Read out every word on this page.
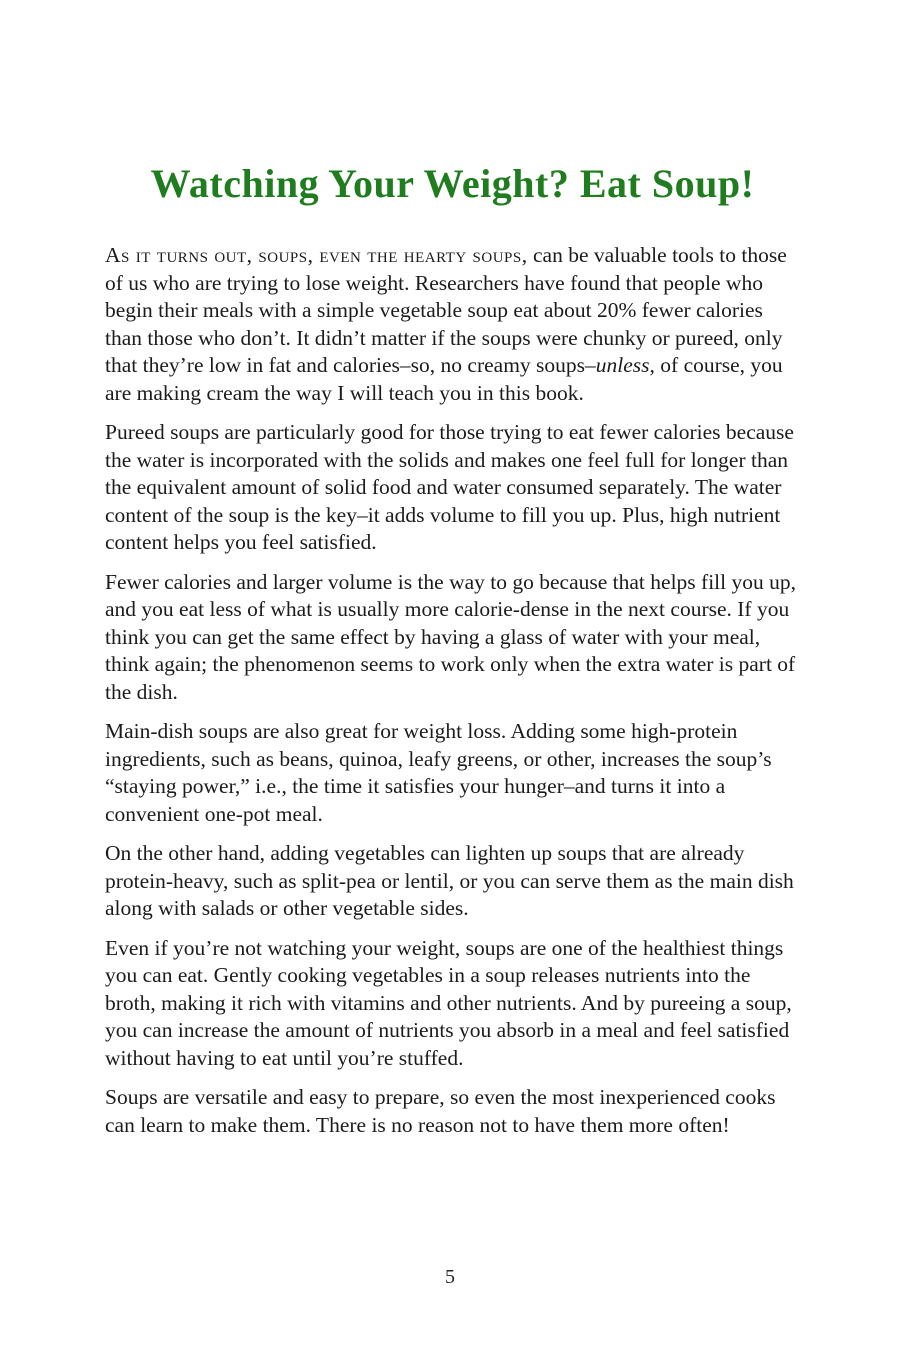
Watching Your Weight? Eat Soup!

As it turns out, soups, even the hearty soups, can be valuable tools to those of us who are trying to lose weight. Researchers have found that people who begin their meals with a simple vegetable soup eat about 20% fewer calories than those who don’t. It didn’t matter if the soups were chunky or pureed, only that they’re low in fat and calories–so, no creamy soups–unless, of course, you are making cream the way I will teach you in this book.

Pureed soups are particularly good for those trying to eat fewer calories because the water is incorporated with the solids and makes one feel full for longer than the equivalent amount of solid food and water consumed separately. The water content of the soup is the key–it adds volume to fill you up. Plus, high nutrient content helps you feel satisfied.

Fewer calories and larger volume is the way to go because that helps fill you up, and you eat less of what is usually more calorie-dense in the next course. If you think you can get the same effect by having a glass of water with your meal, think again; the phenomenon seems to work only when the extra water is part of the dish.

Main-dish soups are also great for weight loss. Adding some high-protein ingredients, such as beans, quinoa, leafy greens, or other, increases the soup’s “staying power,” i.e., the time it satisfies your hunger–and turns it into a convenient one-pot meal.

On the other hand, adding vegetables can lighten up soups that are already protein-heavy, such as split-pea or lentil, or you can serve them as the main dish along with salads or other vegetable sides.

Even if you’re not watching your weight, soups are one of the healthiest things you can eat. Gently cooking vegetables in a soup releases nutrients into the broth, making it rich with vitamins and other nutrients. And by pureeing a soup, you can increase the amount of nutrients you absorb in a meal and feel satisfied without having to eat until you’re stuffed.

Soups are versatile and easy to prepare, so even the most inexperienced cooks can learn to make them. There is no reason not to have them more often!

5
